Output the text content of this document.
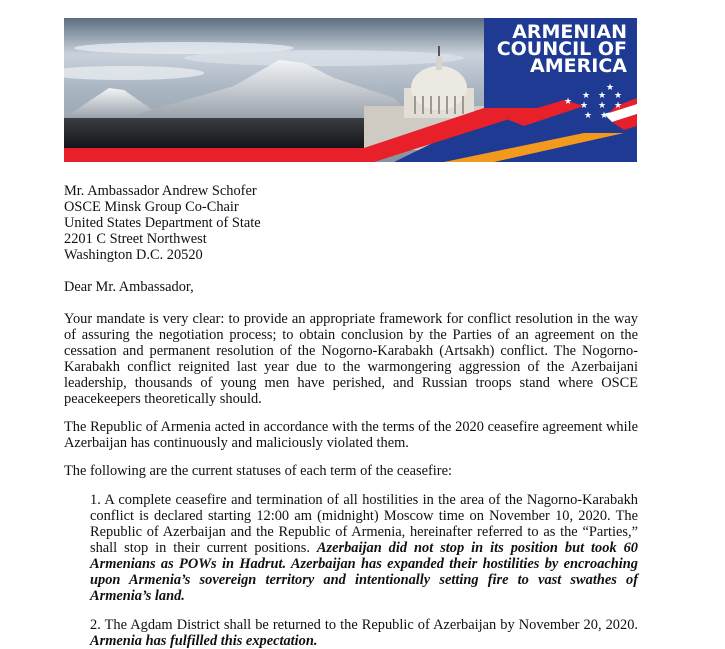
★
★ ★ ★
★ ★ ★ ★
★ ★
ARMENIAN
COUNCIL OF
AMERICA
Mr. Ambassador Andrew Schofer
OSCE Minsk Group Co-Chair
United States Department of State
2201 C Street Northwest
Washington D.C. 20520

Dear Mr. Ambassador,

Your mandate is very clear: to provide an appropriate framework for conflict resolution in the way of assuring the negotiation process; to obtain conclusion by the Parties of an agreement on the cessation and permanent resolution of the Nogorno-Karabakh (Artsakh) conflict. The Nogorno-Karabakh conflict reignited last year due to the warmongering aggression of the Azerbaijani leadership, thousands of young men have perished, and Russian troops stand where OSCE peacekeepers theoretically should.

The Republic of Armenia acted in accordance with the terms of the 2020 ceasefire agreement while Azerbaijan has continuously and maliciously violated them.

The following are the current statuses of each term of the ceasefire:

1. A complete ceasefire and termination of all hostilities in the area of the Nagorno-Karabakh conflict is declared starting 12:00 am (midnight) Moscow time on November 10, 2020. The Republic of Azerbaijan and the Republic of Armenia, hereinafter referred to as the “Parties,” shall stop in their current positions. Azerbaijan did not stop in its position but took 60 Armenians as POWs in Hadrut. Azerbaijan has expanded their hostilities by encroaching upon Armenia’s sovereign territory and intentionally setting fire to vast swathes of Armenia’s land.

2. The Agdam District shall be returned to the Republic of Azerbaijan by November 20, 2020. Armenia has fulfilled this expectation.
